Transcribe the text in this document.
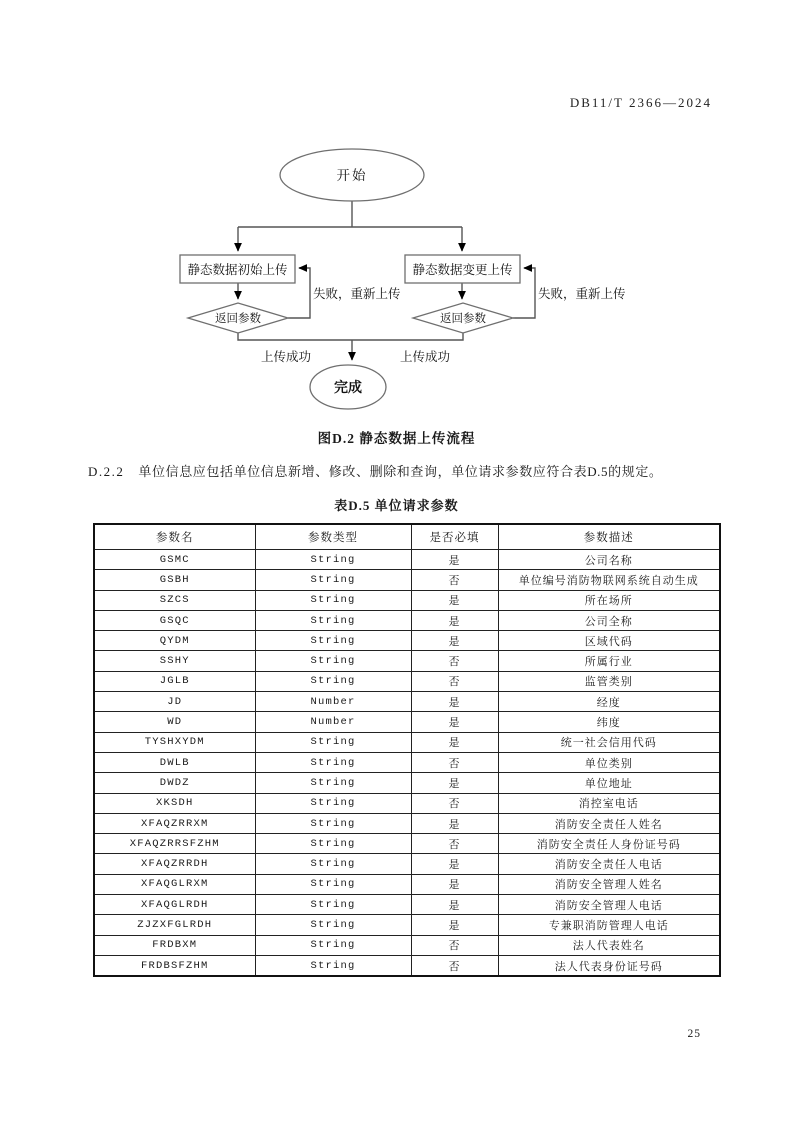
DB11/T 2366—2024
开始
静态数据初始上传	静态数据变更上传
返回参数	返回参数
失败，重新上传	失败，重新上传
上传成功	上传成功
完成
图D.2 静态数据上传流程
D.2.2 单位信息应包括单位信息新增、修改、删除和查询，单位请求参数应符合表D.5的规定。
表D.5 单位请求参数
参数名	参数类型	是否必填	参数描述
GSMC	String	是	公司名称
GSBH	String	否	单位编号消防物联网系统自动生成
SZCS	String	是	所在场所
GSQC	String	是	公司全称
QYDM	String	是	区域代码
SSHY	String	否	所属行业
JGLB	String	否	监管类别
JD	Number	是	经度
WD	Number	是	纬度
TYSHXYDM	String	是	统一社会信用代码
DWLB	String	否	单位类别
DWDZ	String	是	单位地址
XKSDH	String	否	消控室电话
XFAQZRRXM	String	是	消防安全责任人姓名
XFAQZRRSFZHM	String	否	消防安全责任人身份证号码
XFAQZRRDH	String	是	消防安全责任人电话
XFAQGLRXM	String	是	消防安全管理人姓名
XFAQGLRDH	String	是	消防安全管理人电话
ZJZXFGLRDH	String	是	专兼职消防管理人电话
FRDBXM	String	否	法人代表姓名
FRDBSFZHM	String	否	法人代表身份证号码
25
